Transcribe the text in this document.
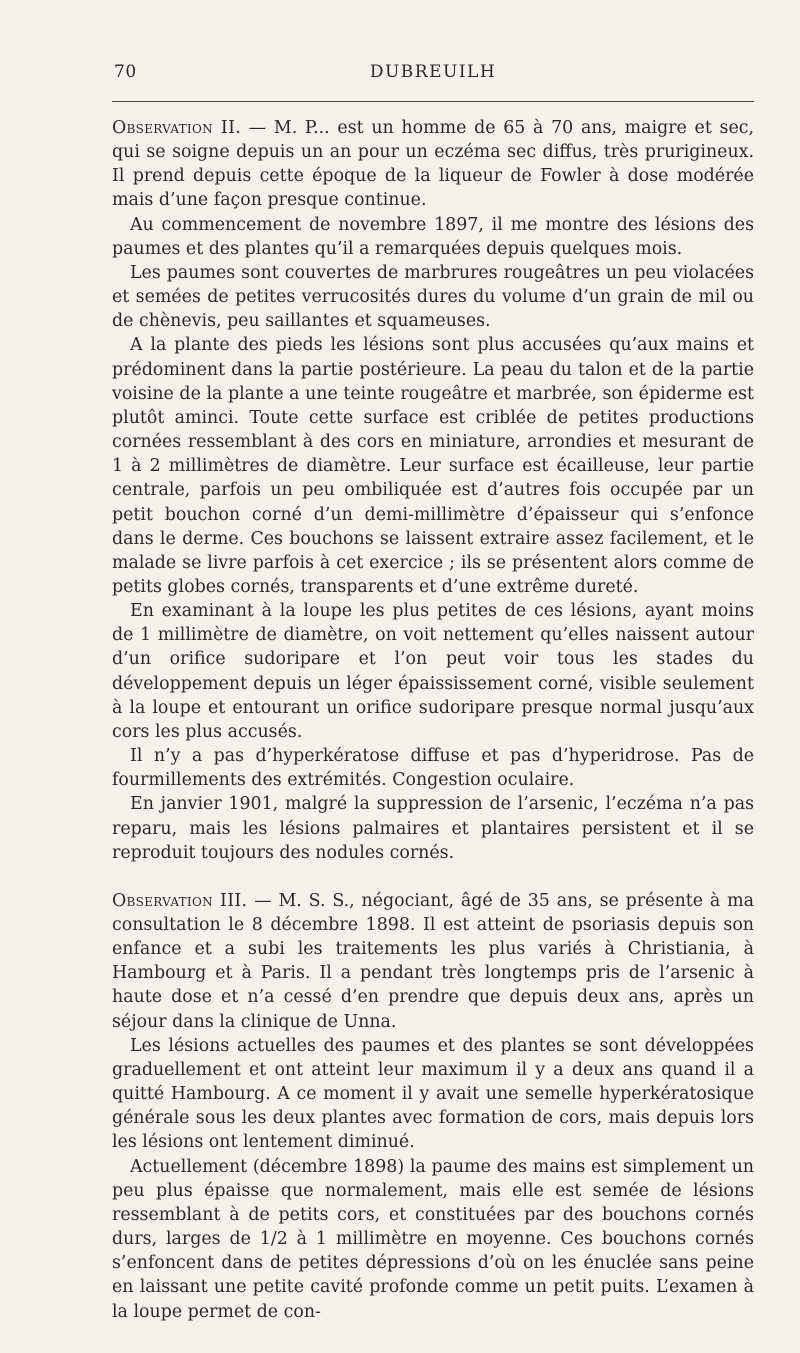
70	DUBREUILH

Observation II. — M. P... est un homme de 65 à 70 ans, maigre et sec, qui se soigne depuis un an pour un eczéma sec diffus, très prurigineux. Il prend depuis cette époque de la liqueur de Fowler à dose modérée mais d’une façon presque continue.

Au commencement de novembre 1897, il me montre des lésions des paumes et des plantes qu’il a remarquées depuis quelques mois.

Les paumes sont couvertes de marbrures rougeâtres un peu violacées et semées de petites verrucosités dures du volume d’un grain de mil ou de chènevis, peu saillantes et squameuses.

A la plante des pieds les lésions sont plus accusées qu’aux mains et prédominent dans la partie postérieure. La peau du talon et de la partie voisine de la plante a une teinte rougeâtre et marbrée, son épiderme est plutôt aminci. Toute cette surface est criblée de petites productions cornées ressemblant à des cors en miniature, arrondies et mesurant de 1 à 2 millimètres de diamètre. Leur surface est écailleuse, leur partie centrale, parfois un peu ombiliquée est d’autres fois occupée par un petit bouchon corné d’un demi-millimètre d’épaisseur qui s’enfonce dans le derme. Ces bouchons se laissent extraire assez facilement, et le malade se livre parfois à cet exercice ; ils se présentent alors comme de petits globes cornés, transparents et d’une extrême dureté.

En examinant à la loupe les plus petites de ces lésions, ayant moins de 1 millimètre de diamètre, on voit nettement qu’elles naissent autour d’un orifice sudoripare et l’on peut voir tous les stades du développement depuis un léger épaississement corné, visible seulement à la loupe et entourant un orifice sudoripare presque normal jusqu’aux cors les plus accusés.

Il n’y a pas d’hyperkératose diffuse et pas d’hyperidrose. Pas de fourmillements des extrémités. Congestion oculaire.

En janvier 1901, malgré la suppression de l’arsenic, l’eczéma n’a pas reparu, mais les lésions palmaires et plantaires persistent et il se reproduit toujours des nodules cornés.

Observation III. — M. S. S., négociant, âgé de 35 ans, se présente à ma consultation le 8 décembre 1898. Il est atteint de psoriasis depuis son enfance et a subi les traitements les plus variés à Christiania, à Hambourg et à Paris. Il a pendant très longtemps pris de l’arsenic à haute dose et n’a cessé d’en prendre que depuis deux ans, après un séjour dans la clinique de Unna.

Les lésions actuelles des paumes et des plantes se sont développées graduellement et ont atteint leur maximum il y a deux ans quand il a quitté Hambourg. A ce moment il y avait une semelle hyperkératosique générale sous les deux plantes avec formation de cors, mais depuis lors les lésions ont lentement diminué.

Actuellement (décembre 1898) la paume des mains est simplement un peu plus épaisse que normalement, mais elle est semée de lésions ressemblant à de petits cors, et constituées par des bouchons cornés durs, larges de 1/2 à 1 millimètre en moyenne. Ces bouchons cornés s’enfoncent dans de petites dépressions d’où on les énuclée sans peine en laissant une petite cavité profonde comme un petit puits. L’examen à la loupe permet de con-
